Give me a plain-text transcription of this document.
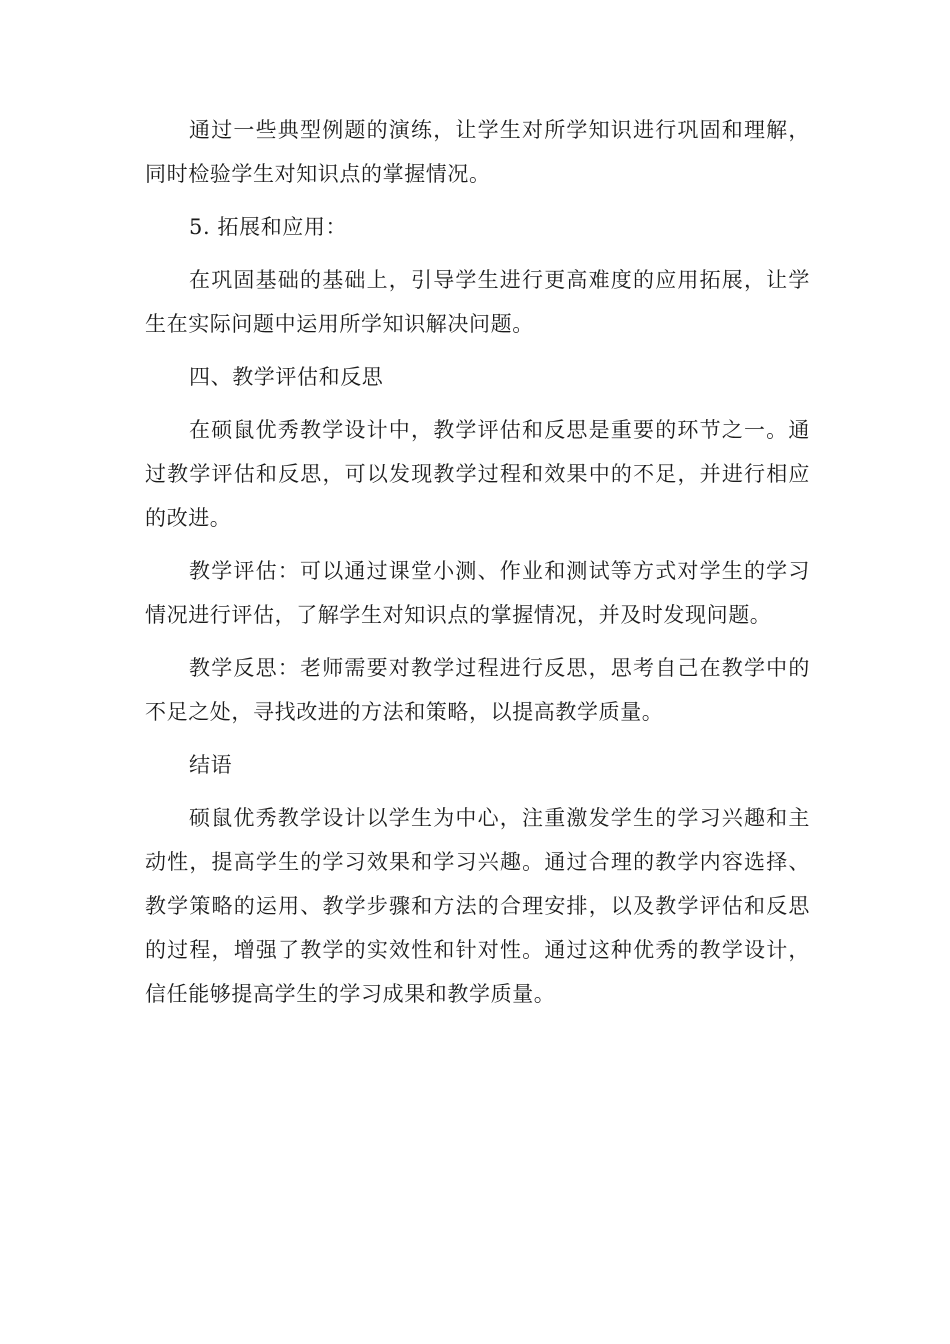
通过一些典型例题的演练，让学生对所学知识进行巩固和理解，同时检验学生对知识点的掌握情况。

5. 拓展和应用：

在巩固基础的基础上，引导学生进行更高难度的应用拓展，让学生在实际问题中运用所学知识解决问题。

四、教学评估和反思

在硕鼠优秀教学设计中，教学评估和反思是重要的环节之一。通过教学评估和反思，可以发现教学过程和效果中的不足，并进行相应的改进。

教学评估：可以通过课堂小测、作业和测试等方式对学生的学习情况进行评估，了解学生对知识点的掌握情况，并及时发现问题。

教学反思：老师需要对教学过程进行反思，思考自己在教学中的不足之处，寻找改进的方法和策略，以提高教学质量。

结语

硕鼠优秀教学设计以学生为中心，注重激发学生的学习兴趣和主动性，提高学生的学习效果和学习兴趣。通过合理的教学内容选择、教学策略的运用、教学步骤和方法的合理安排，以及教学评估和反思的过程，增强了教学的实效性和针对性。通过这种优秀的教学设计，信任能够提高学生的学习成果和教学质量。
